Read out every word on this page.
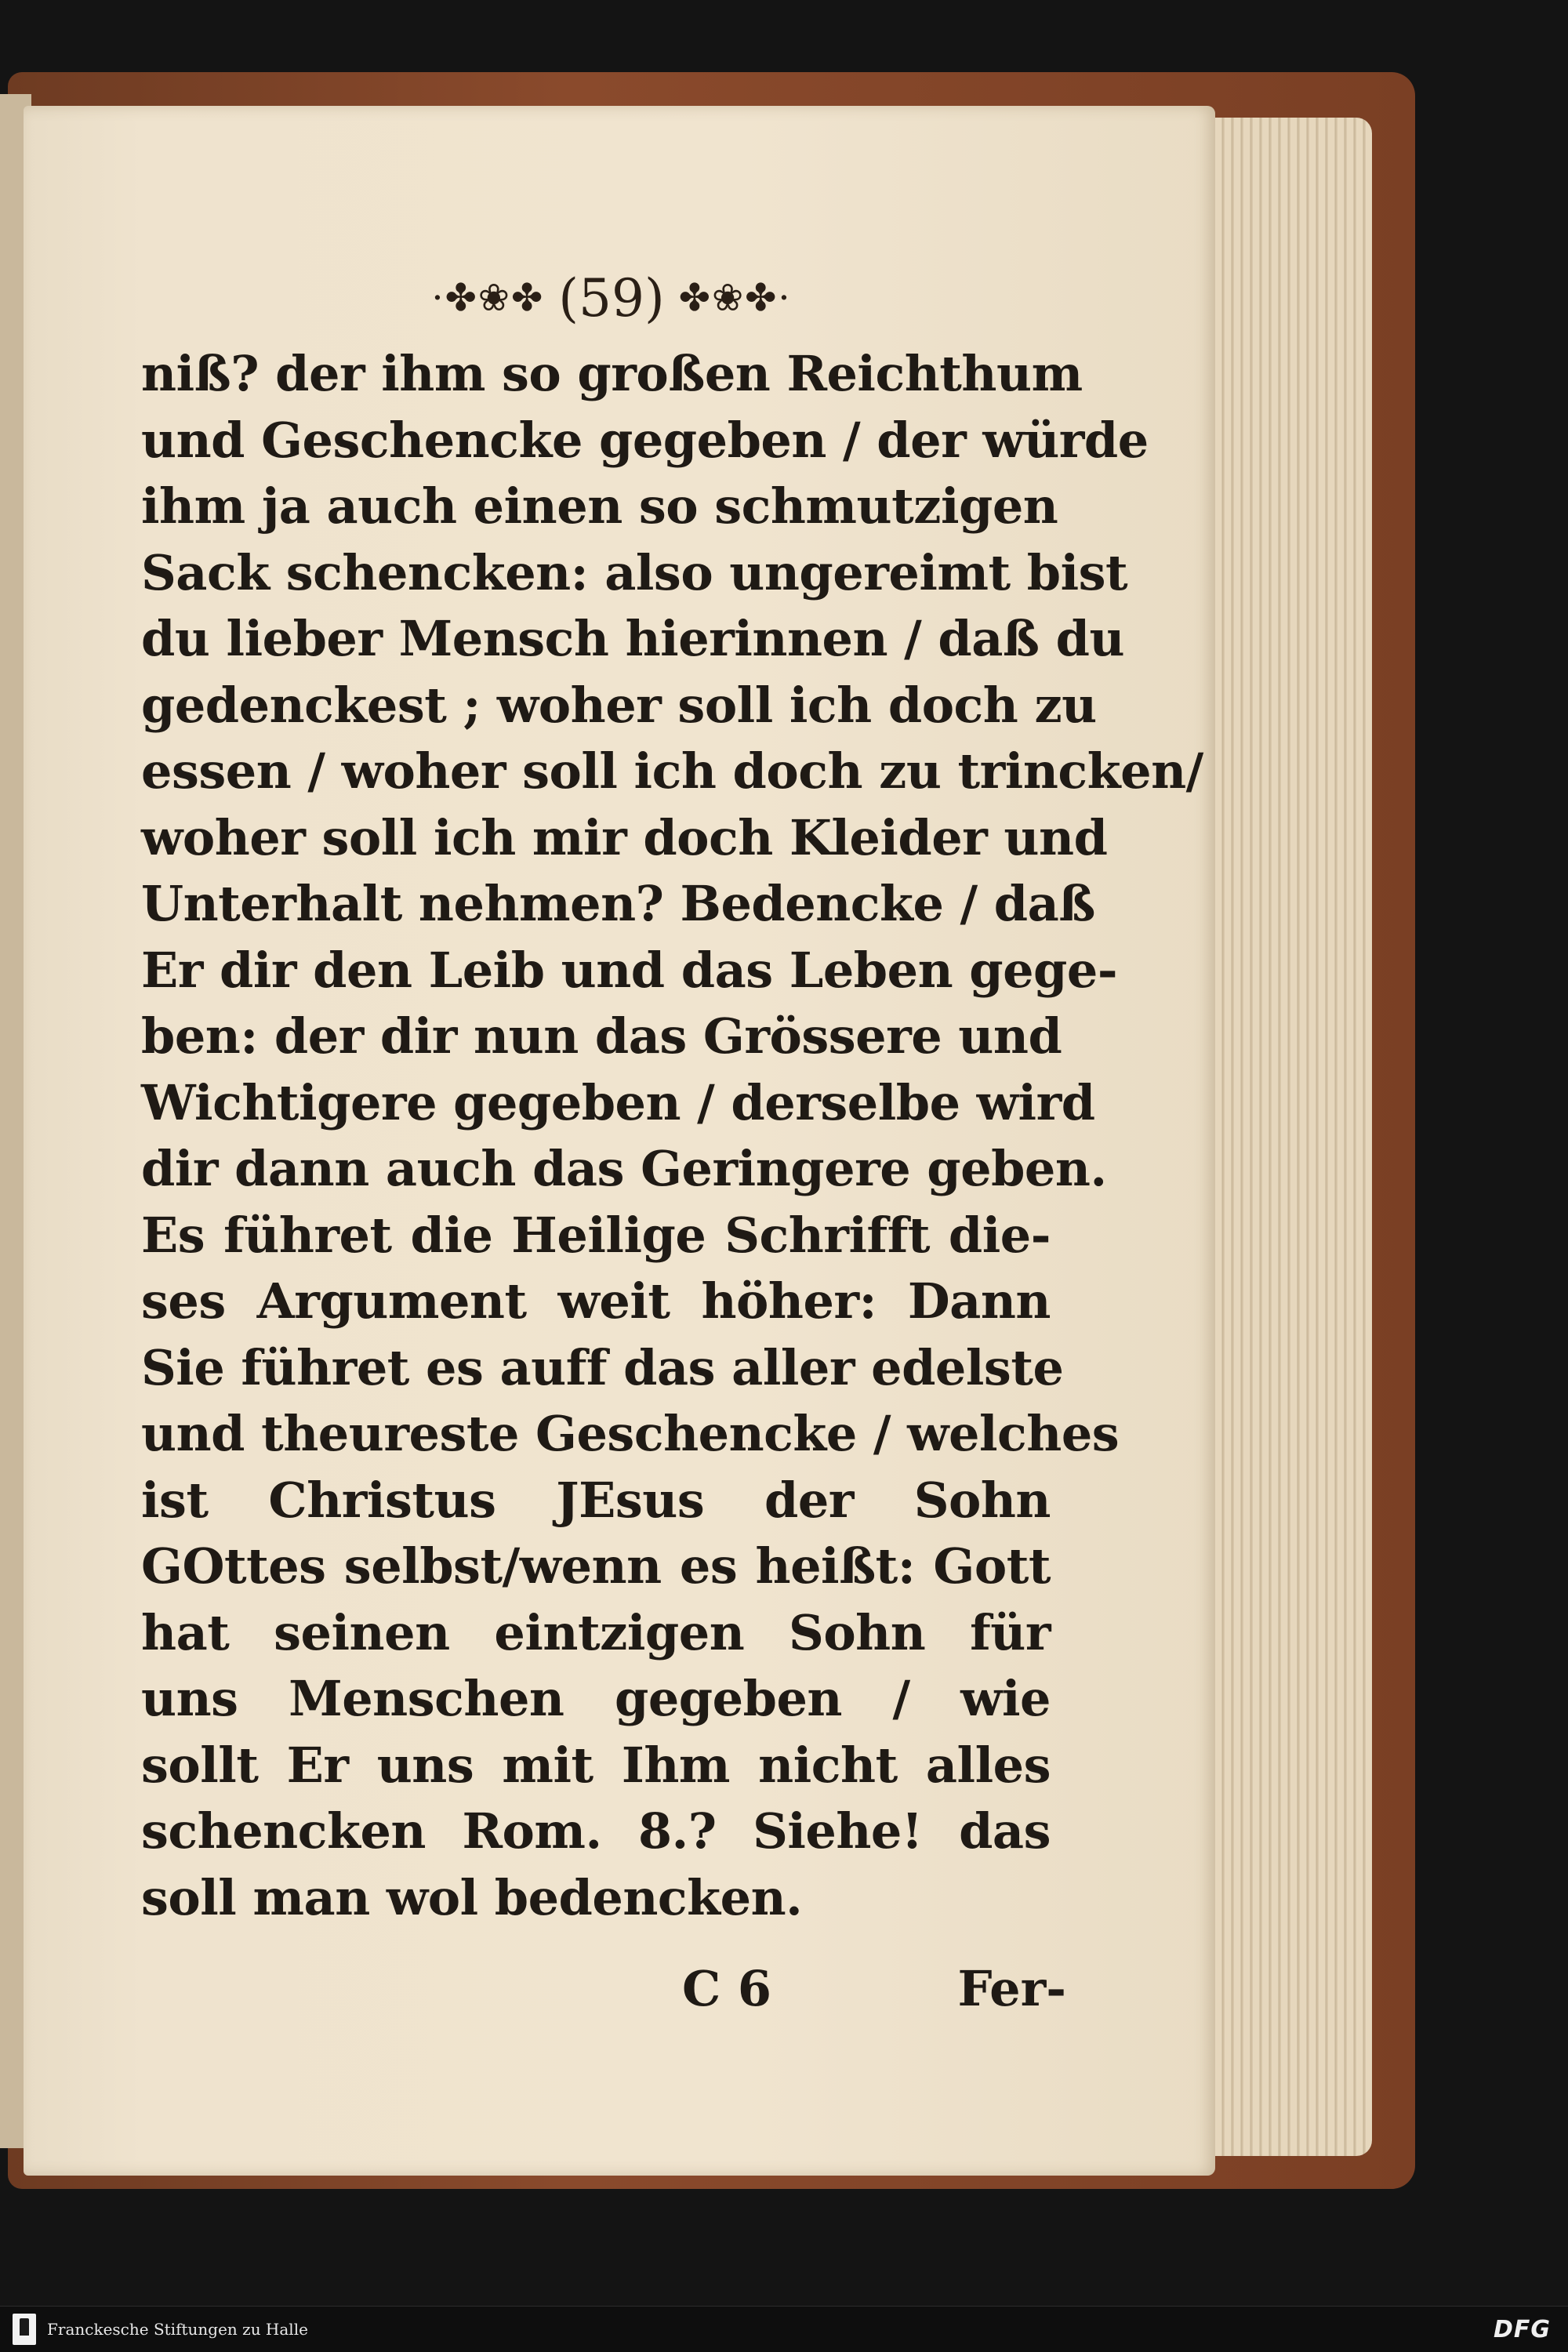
·✤❀✤ (59) ✤❀✤·
niß? der ihm so großen Reichthum
und Geschencke gegeben / der würde
ihm ja auch einen so schmutzigen
Sack schencken: also ungereimt bist
du lieber Mensch hierinnen / daß du
gedenckest ; woher soll ich doch zu
essen / woher soll ich doch zu trincken/
woher soll ich mir doch Kleider und
Unterhalt nehmen? Bedencke / daß
Er dir den Leib und das Leben gege-
ben: der dir nun das Grössere und
Wichtigere gegeben / derselbe wird
dir dann auch das Geringere geben.
Es führet die Heilige Schrifft die-
ses Argument weit höher: Dann
Sie führet es auff das aller edelste
und theureste Geschencke / welches
ist Christus JEsus der Sohn
GOttes selbst/wenn es heißt: Gott
hat seinen eintzigen Sohn für
uns Menschen gegeben / wie
sollt Er uns mit Ihm nicht alles
schencken Rom. 8.? Siehe! das
soll man wol bedencken.
C 6	Fer-
Franckesche Stiftungen zu Halle	DFG
